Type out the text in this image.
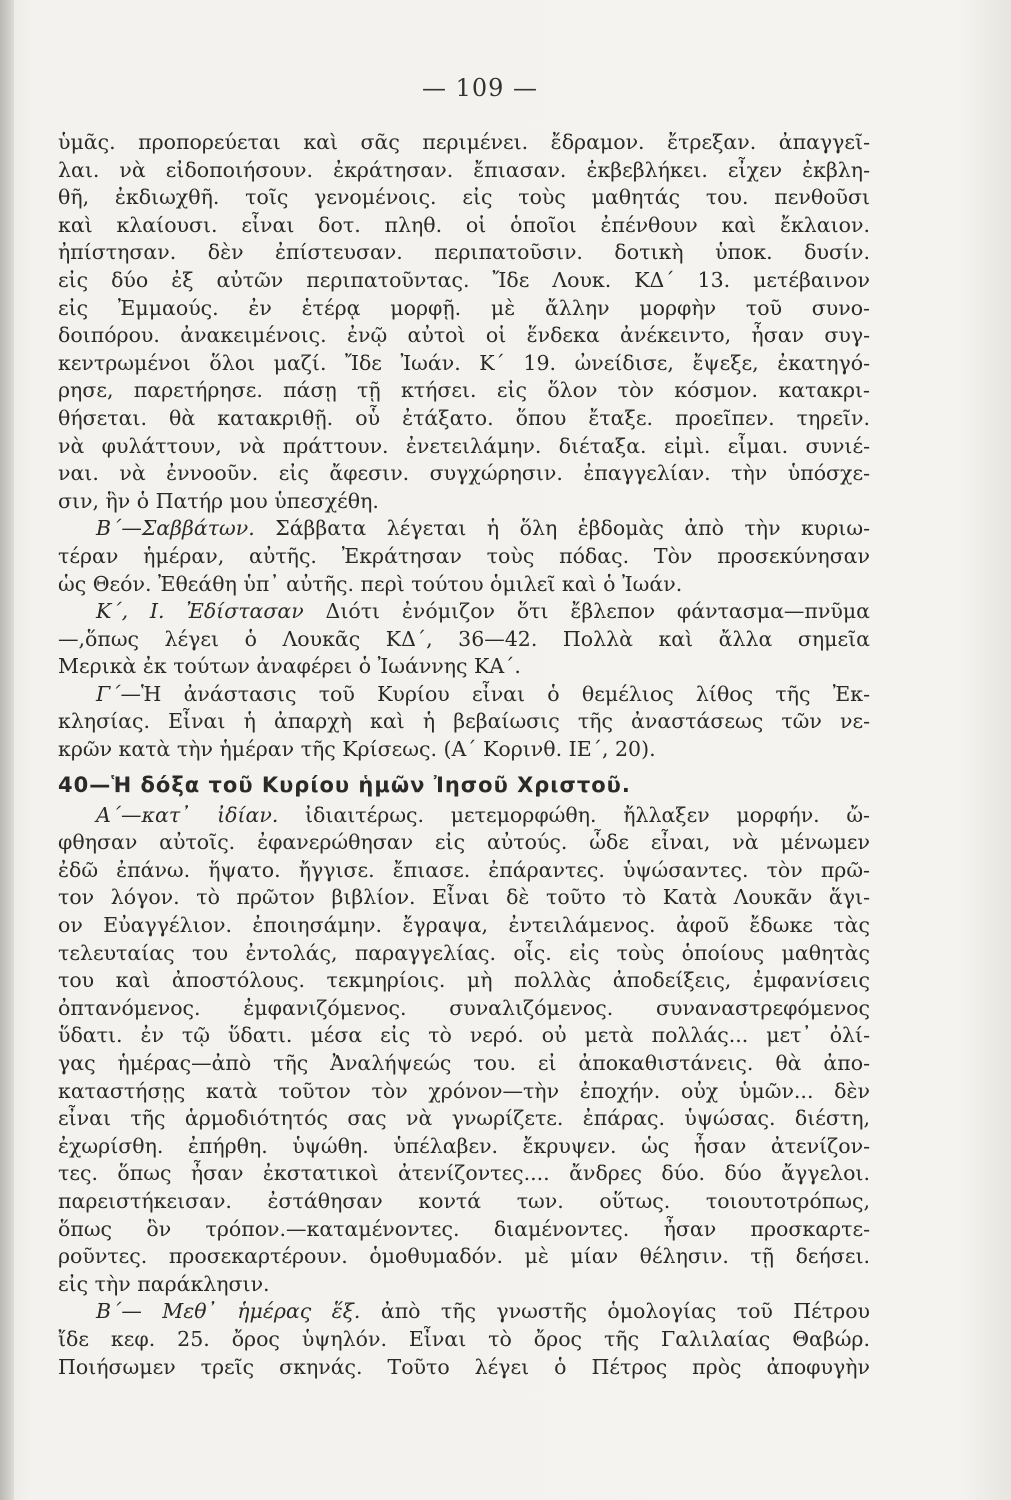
— 109 —
ὑμᾶς. προπορεύεται καὶ σᾶς περιμένει. ἔδραμον. ἔτρεξαν. ἀπαγγεῖ-
λαι. νὰ εἰδοποιήσουν. ἐκράτησαν. ἔπιασαν. ἐκβεβλήκει. εἶχεν ἐκβλη-
θῆ, ἐκδιωχθῆ. τοῖς γενομένοις. εἰς τοὺς μαθητάς του. πενθοῦσι
καὶ κλαίουσι. εἶναι δοτ. πληθ. οἱ ὁποῖοι ἐπένθουν καὶ ἔκλαιον.
ἠπίστησαν. δὲν ἐπίστευσαν. περιπατοῦσιν. δοτικὴ ὑποκ. δυσίν.
εἰς δύο ἐξ αὐτῶν περιπατοῦντας. Ἴδε Λουκ. ΚΔ΄ 13. μετέβαινον
εἰς Ἐμμαούς. ἐν ἑτέρᾳ μορφῇ. μὲ ἄλλην μορφὴν τοῦ συνο-
δοιπόρου. ἀνακειμένοις. ἐνῷ αὐτοὶ οἱ ἕνδεκα ἀνέκειντο, ἦσαν συγ-
κεντρωμένοι ὅλοι μαζί. Ἴδε Ἰωάν. Κ΄ 19. ὠνείδισε, ἔψεξε, ἐκατηγό-
ρησε, παρετήρησε. πάσῃ τῇ κτήσει. εἰς ὅλον τὸν κόσμον. κατακρι-
θήσεται. θὰ κατακριθῇ. οὗ ἐτάξατο. ὅπου ἔταξε. προεῖπεν. τηρεῖν.
νὰ φυλάττουν, νὰ πράττουν. ἐνετειλάμην. διέταξα. εἰμὶ. εἶμαι. συνιέ-
ναι. νὰ ἐννοοῦν. εἰς ἄφεσιν. συγχώρησιν. ἐπαγγελίαν. τὴν ὑπόσχε-
σιν, ἣν ὁ Πατήρ μου ὑπεσχέθη.
Β΄—Σαββάτων. Σάββατα λέγεται ἡ ὅλη ἑβδομὰς ἀπὸ τὴν κυριω-
τέραν ἡμέραν, αὐτῆς. Ἐκράτησαν τοὺς πόδας. Τὸν προσεκύνησαν
ὡς Θεόν. Ἐθεάθη ὑπ᾽ αὐτῆς. περὶ τούτου ὁμιλεῖ καὶ ὁ Ἰωάν.
Κ΄, Ι. Ἐδίστασαν Διότι ἐνόμιζον ὅτι ἔβλεπον φάντασμα—πνῦμα
—,ὅπως λέγει ὁ Λουκᾶς ΚΔ΄, 36—42. Πολλὰ καὶ ἄλλα σημεῖα
Μερικὰ ἐκ τούτων ἀναφέρει ὁ Ἰωάννης ΚΑ΄.
Γ΄—Ἡ ἀνάστασις τοῦ Κυρίου εἶναι ὁ θεμέλιος λίθος τῆς Ἐκ-
κλησίας. Εἶναι ἡ ἀπαρχὴ καὶ ἡ βεβαίωσις τῆς ἀναστάσεως τῶν νε-
κρῶν κατὰ τὴν ἡμέραν τῆς Κρίσεως. (Α΄ Κορινθ. ΙΕ΄, 20).
40—Ἡ δόξα τοῦ Κυρίου ἡμῶν Ἰησοῦ Χριστοῦ.
Α΄—κατ᾽ ἰδίαν. ἰδιαιτέρως. μετεμορφώθη. ἤλλαξεν μορφήν. ὤ-
φθησαν αὐτοῖς. ἐφανερώθησαν εἰς αὐτούς. ὧδε εἶναι, νὰ μένωμεν
ἐδῶ ἐπάνω. ἥψατο. ἤγγισε. ἔπιασε. ἐπάραντες. ὑψώσαντες. τὸν πρῶ-
τον λόγον. τὸ πρῶτον βιβλίον. Εἶναι δὲ τοῦτο τὸ Κατὰ Λουκᾶν ἅγι-
ον Εὐαγγέλιον. ἐποιησάμην. ἔγραψα, ἐντειλάμενος. ἀφοῦ ἔδωκε τὰς
τελευταίας του ἐντολάς, παραγγελίας. οἷς. εἰς τοὺς ὁποίους μαθητὰς
του καὶ ἀποστόλους. τεκμηρίοις. μὴ πολλὰς ἀποδείξεις, ἐμφανίσεις
ὀπτανόμενος. ἐμφανιζόμενος. συναλιζόμενος. συναναστρεφόμενος
ὕδατι. ἐν τῷ ὕδατι. μέσα εἰς τὸ νερό. οὐ μετὰ πολλάς... μετ᾽ ὀλί-
γας ἡμέρας—ἀπὸ τῆς Ἀναλήψεώς του. εἰ ἀποκαθιστάνεις. θὰ ἀπο-
καταστήσῃς κατὰ τοῦτον τὸν χρόνον—τὴν ἐποχήν. οὐχ ὑμῶν... δὲν
εἶναι τῆς ἁρμοδιότητός σας νὰ γνωρίζετε. ἐπάρας. ὑψώσας. διέστη,
ἐχωρίσθη. ἐπήρθη. ὑψώθη. ὑπέλαβεν. ἔκρυψεν. ὡς ἦσαν ἀτενίζον-
τες. ὅπως ἦσαν ἐκστατικοὶ ἀτενίζοντες.... ἄνδρες δύο. δύο ἄγγελοι.
παρειστήκεισαν. ἐστάθησαν κοντά των. οὕτως. τοιουτοτρόπως,
ὅπως ὃν τρόπον.—καταμένοντες. διαμένοντες. ἦσαν προσκαρτε-
ροῦντες. προσεκαρτέρουν. ὁμοθυμαδόν. μὲ μίαν θέλησιν. τῇ δεήσει.
εἰς τὴν παράκλησιν.
Β΄— Μεθ᾽ ἡμέρας ἕξ. ἀπὸ τῆς γνωστῆς ὁμολογίας τοῦ Πέτρου
ἴδε κεφ. 25. ὄρος ὑψηλόν. Εἶναι τὸ ὄρος τῆς Γαλιλαίας Θαβώρ.
Ποιήσωμεν τρεῖς σκηνάς. Τοῦτο λέγει ὁ Πέτρος πρὸς ἀποφυγὴν
